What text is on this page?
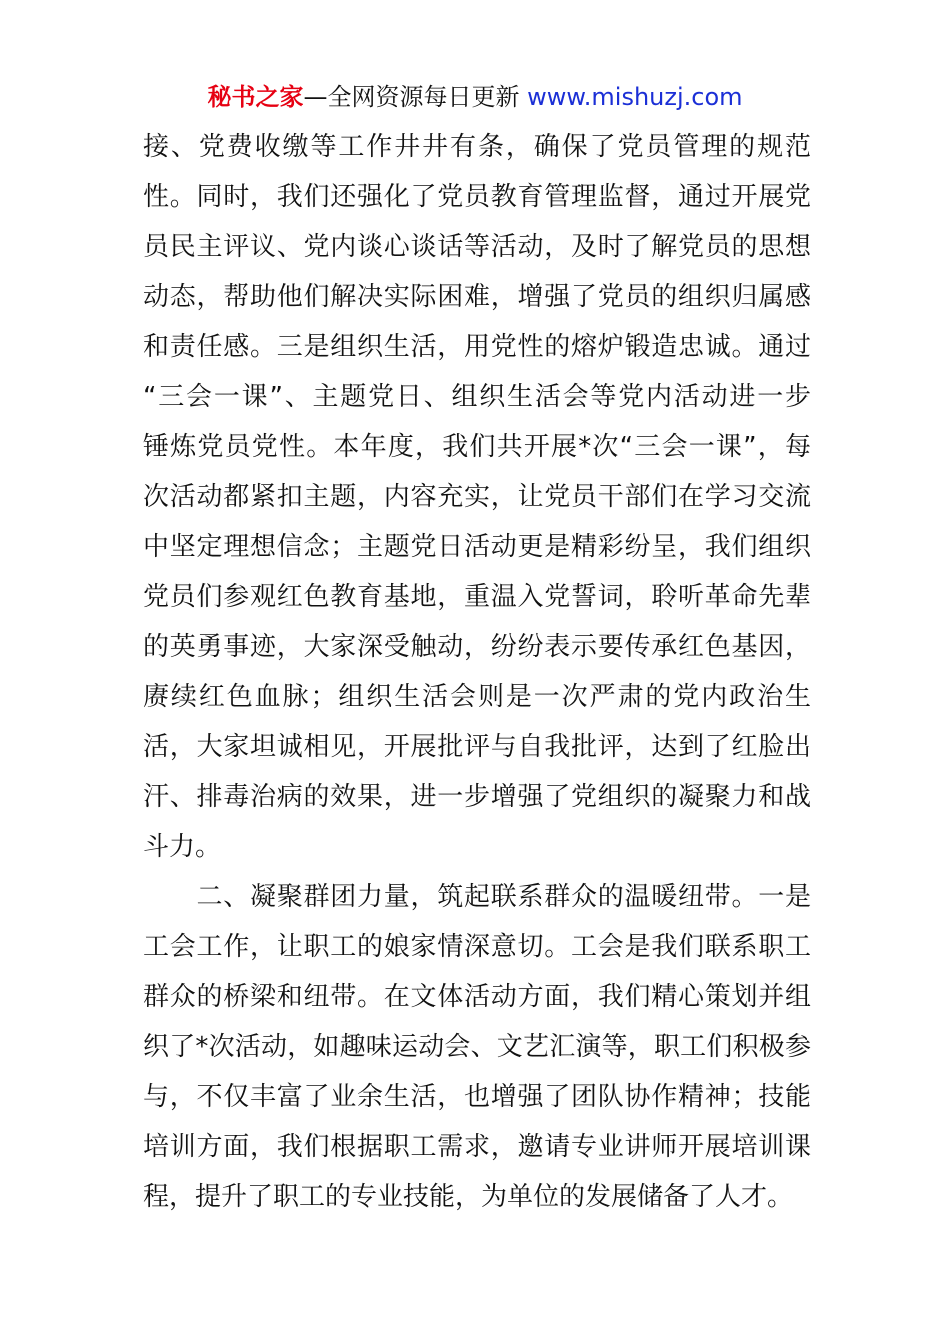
秘书之家—全网资源每日更新 www.mishuzj.com
接、党费收缴等工作井井有条，确保了党员管理的规范
性。同时，我们还强化了党员教育管理监督，通过开展党
员民主评议、党内谈心谈话等活动，及时了解党员的思想
动态，帮助他们解决实际困难，增强了党员的组织归属感
和责任感。三是组织生活，用党性的熔炉锻造忠诚。通过
“三会一课”、主题党日、组织生活会等党内活动进一步
锤炼党员党性。本年度，我们共开展*次“三会一课”，每
次活动都紧扣主题，内容充实，让党员干部们在学习交流
中坚定理想信念；主题党日活动更是精彩纷呈，我们组织
党员们参观红色教育基地，重温入党誓词，聆听革命先辈
的英勇事迹，大家深受触动，纷纷表示要传承红色基因，
赓续红色血脉；组织生活会则是一次严肃的党内政治生
活，大家坦诚相见，开展批评与自我批评，达到了红脸出
汗、排毒治病的效果，进一步增强了党组织的凝聚力和战
斗力。
　　二、凝聚群团力量，筑起联系群众的温暖纽带。一是
工会工作，让职工的娘家情深意切。工会是我们联系职工
群众的桥梁和纽带。在文体活动方面，我们精心策划并组
织了*次活动，如趣味运动会、文艺汇演等，职工们积极参
与，不仅丰富了业余生活，也增强了团队协作精神；技能
培训方面，我们根据职工需求，邀请专业讲师开展培训课
程，提升了职工的专业技能，为单位的发展储备了人才。
